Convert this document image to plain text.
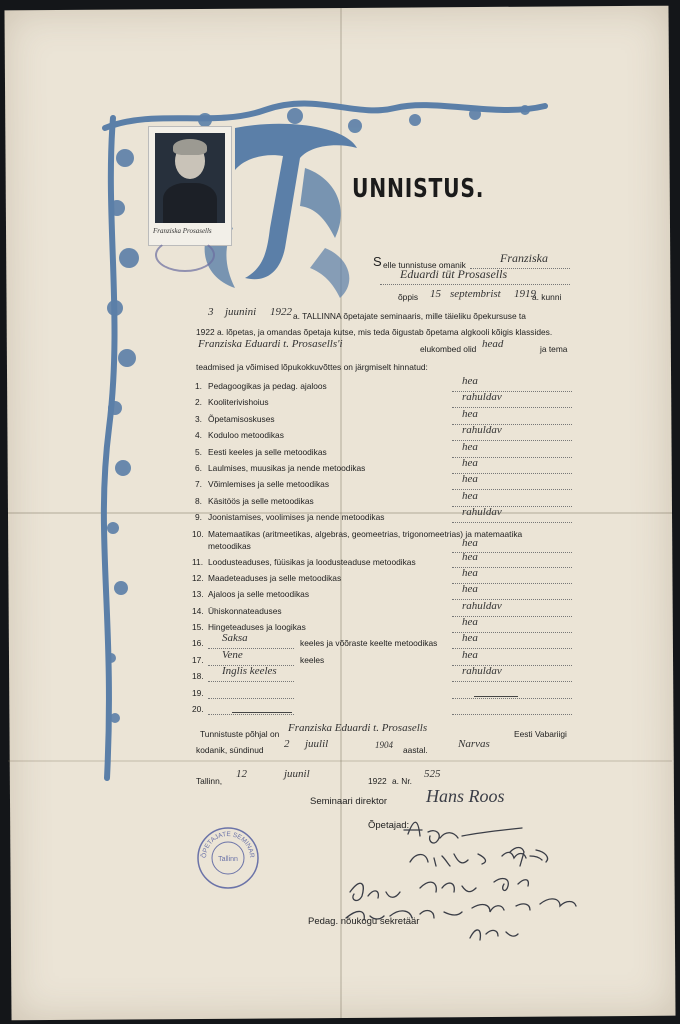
Franziska Prosasells
UNNISTUS.
S elle tunnistuse omanik	Franziska
Eduardi tüt Prosasells
õppis 15 septembrist 1919
a. kunni
3 juunini 1922 a. TALLINNA õpetajate seminaaris, mille täieliku õpekursuse ta
1922 a. lõpetas, ja omandas õpetaja kutse, mis teda õigustab õpetama algkooli kõigis klassides.
Franziska Eduardi t. Prosasells'i	elukombed olid head	ja tema
teadmised ja võimised lõpukokkuvõttes on järgmiselt hinnatud:
1. Pedagoogikas ja pedag. ajaloos	hea
2. Kooliterivishoius	rahuldav
3. Õpetamisoskuses	hea
4. Koduloo metoodikas	rahuldav
5. Eesti keeles ja selle metoodikas	hea
6. Laulmises, muusikas ja nende metoodikas	hea
7. Võimlemises ja selle metoodikas	hea
8. Käsitöös ja selle metoodikas	hea
9. Joonistamises, voolimises ja nende metoodikas	rahuldav
10. Matemaatikas (aritmeetikas, algebras, geomeetrias, trigonomeetrias) ja matemaatika
metoodikas	hea
11. Loodusteaduses, füüsikas ja loodusteaduse metoodikas	hea
12. Maadeteaduses ja selle metoodikas	hea
13. Ajaloos ja selle metoodikas	hea
14. Ühiskonnateaduses	rahuldav
15. Hingeteaduses ja loogikas	hea
16. Saksa	keeles ja võõraste keelte metoodikas hea
17. Vene	keeles	hea
18. Inglis keeles	rahuldav
19.
20.
Tunnistuste põhjal on Franziska Eduardi t. Prosasells	Eesti Vabariigi
kodanik, sündinud 2 juulil	1904 aastal.	Narvas
Tallinn,
12	juunil
1922 a. Nr.
525
Seminaari direktor Hans Roos
Õpetajad:
Pedag. nõukogu sekretäär
ÕPETAJATE SEMINAR
Tallinn
